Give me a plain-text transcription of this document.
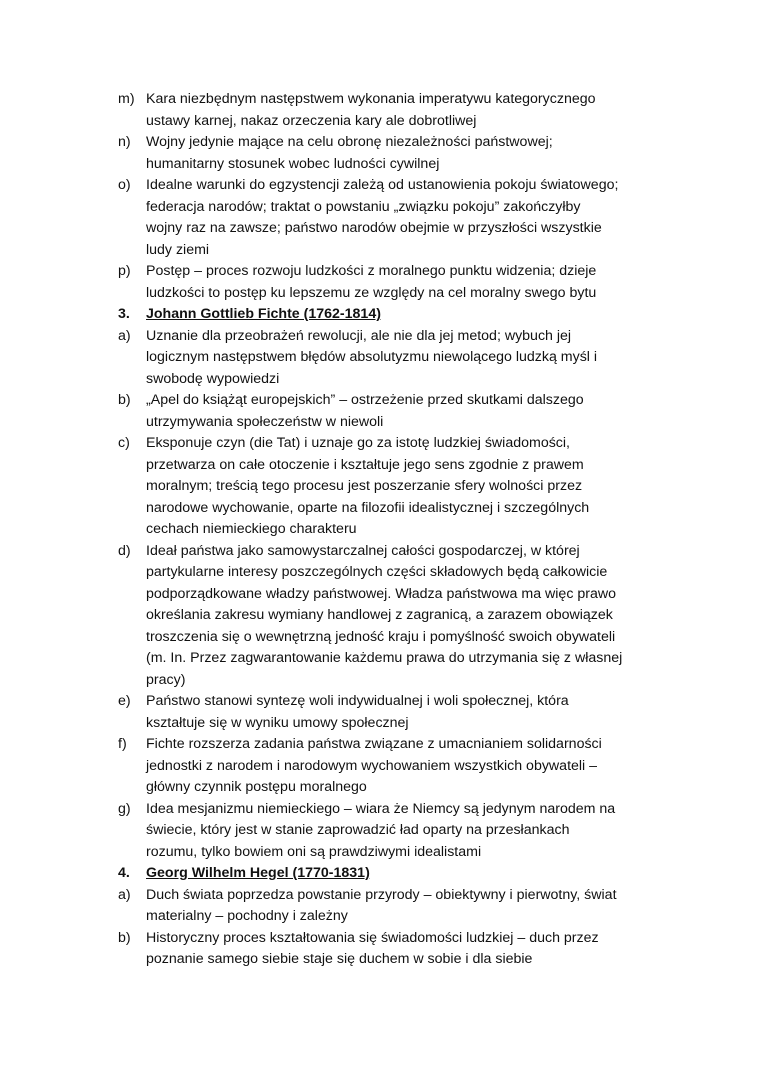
m) Kara niezbędnym następstwem wykonania imperatywu kategorycznego
ustawy karnej, nakaz orzeczenia kary ale dobrotliwej
n) Wojny jedynie mające na celu obronę niezależności państwowej;
humanitarny stosunek wobec ludności cywilnej
o) Idealne warunki do egzystencji zależą od ustanowienia pokoju światowego;
federacja narodów; traktat o powstaniu „związku pokoju” zakończyłby
wojny raz na zawsze; państwo narodów obejmie w przyszłości wszystkie
ludy ziemi
p) Postęp – proces rozwoju ludzkości z moralnego punktu widzenia; dzieje
ludzkości to postęp ku lepszemu ze względy na cel moralny swego bytu
3. Johann Gottlieb Fichte (1762-1814)
a) Uznanie dla przeobrażeń rewolucji, ale nie dla jej metod; wybuch jej
logicznym następstwem błędów absolutyzmu niewolącego ludzką myśl i
swobodę wypowiedzi
b) „Apel do książąt europejskich” – ostrzeżenie przed skutkami dalszego
utrzymywania społeczeństw w niewoli
c) Eksponuje czyn (die Tat) i uznaje go za istotę ludzkiej świadomości,
przetwarza on całe otoczenie i kształtuje jego sens zgodnie z prawem
moralnym; treścią tego procesu jest poszerzanie sfery wolności przez
narodowe wychowanie, oparte na filozofii idealistycznej i szczególnych
cechach niemieckiego charakteru
d) Ideał państwa jako samowystarczalnej całości gospodarczej, w której
partykularne interesy poszczególnych części składowych będą całkowicie
podporządkowane władzy państwowej. Władza państwowa ma więc prawo
określania zakresu wymiany handlowej z zagranicą, a zarazem obowiązek
troszczenia się o wewnętrzną jedność kraju i pomyślność swoich obywateli
(m. In. Przez zagwarantowanie każdemu prawa do utrzymania się z własnej
pracy)
e) Państwo stanowi syntezę woli indywidualnej i woli społecznej, która
kształtuje się w wyniku umowy społecznej
f) Fichte rozszerza zadania państwa związane z umacnianiem solidarności
jednostki z narodem i narodowym wychowaniem wszystkich obywateli –
główny czynnik postępu moralnego
g) Idea mesjanizmu niemieckiego – wiara że Niemcy są jedynym narodem na
świecie, który jest w stanie zaprowadzić ład oparty na przesłankach
rozumu, tylko bowiem oni są prawdziwymi idealistami
4. Georg Wilhelm Hegel (1770-1831)
a) Duch świata poprzedza powstanie przyrody – obiektywny i pierwotny, świat
materialny – pochodny i zależny
b) Historyczny proces kształtowania się świadomości ludzkiej – duch przez
poznanie samego siebie staje się duchem w sobie i dla siebie
